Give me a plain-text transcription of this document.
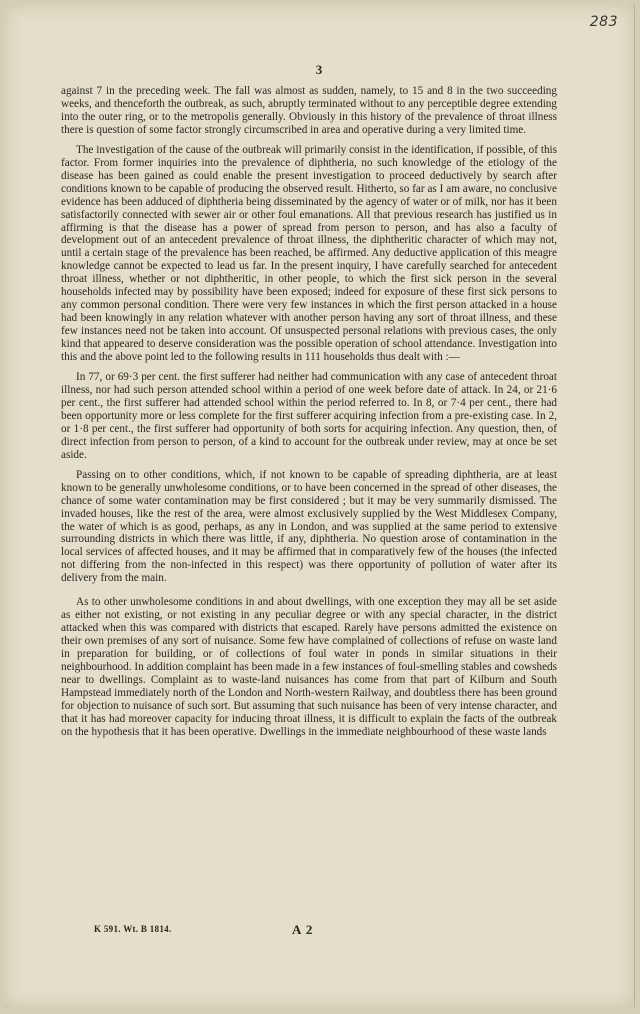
283
3

against 7 in the preceding week. The fall was almost as sudden, namely, to 15 and 8 in the two succeeding weeks, and thenceforth the outbreak, as such, abruptly terminated without to any perceptible degree extending into the outer ring, or to the metropolis generally. Obviously in this history of the prevalence of throat illness there is question of some factor strongly circumscribed in area and operative during a very limited time.

The investigation of the cause of the outbreak will primarily consist in the identification, if possible, of this factor. From former inquiries into the prevalence of diphtheria, no such knowledge of the etiology of the disease has been gained as could enable the present investigation to proceed deductively by search after conditions known to be capable of producing the observed result. Hitherto, so far as I am aware, no conclusive evidence has been adduced of diphtheria being disseminated by the agency of water or of milk, nor has it been satisfactorily connected with sewer air or other foul emanations. All that previous research has justified us in affirming is that the disease has a power of spread from person to person, and has also a faculty of development out of an antecedent prevalence of throat illness, the diphtheritic character of which may not, until a certain stage of the prevalence has been reached, be affirmed. Any deductive application of this meagre knowledge cannot be expected to lead us far. In the present inquiry, I have carefully searched for antecedent throat illness, whether or not diphtheritic, in other people, to which the first sick person in the several households infected may by possibility have been exposed; indeed for exposure of these first sick persons to any common personal condition. There were very few instances in which the first person attacked in a house had been knowingly in any relation whatever with another person having any sort of throat illness, and these few instances need not be taken into account. Of unsuspected personal relations with previous cases, the only kind that appeared to deserve consideration was the possible operation of school attendance. Investigation into this and the above point led to the following results in 111 households thus dealt with :—

In 77, or 69·3 per cent. the first sufferer had neither had communication with any case of antecedent throat illness, nor had such person attended school within a period of one week before date of attack. In 24, or 21·6 per cent., the first sufferer had attended school within the period referred to. In 8, or 7·4 per cent., there had been opportunity more or less complete for the first sufferer acquiring infection from a pre-existing case. In 2, or 1·8 per cent., the first sufferer had opportunity of both sorts for acquiring infection. Any question, then, of direct infection from person to person, of a kind to account for the outbreak under review, may at once be set aside.

Passing on to other conditions, which, if not known to be capable of spreading diphtheria, are at least known to be generally unwholesome conditions, or to have been concerned in the spread of other diseases, the chance of some water contamination may be first considered ; but it may be very summarily dismissed. The invaded houses, like the rest of the area, were almost exclusively supplied by the West Middlesex Company, the water of which is as good, perhaps, as any in London, and was supplied at the same period to extensive surrounding districts in which there was little, if any, diphtheria. No question arose of contamination in the local services of affected houses, and it may be affirmed that in comparatively few of the houses (the infected not differing from the non-infected in this respect) was there opportunity of pollution of water after its delivery from the main.

As to other unwholesome conditions in and about dwellings, with one exception they may all be set aside as either not existing, or not existing in any peculiar degree or with any special character, in the district attacked when this was compared with districts that escaped. Rarely have persons admitted the existence on their own premises of any sort of nuisance. Some few have complained of collections of refuse on waste land in preparation for building, or of collections of foul water in ponds in similar situations in their neighbourhood. In addition complaint has been made in a few instances of foul-smelling stables and cowsheds near to dwellings. Complaint as to waste-land nuisances has come from that part of Kilburn and South Hampstead immediately north of the London and North-western Railway, and doubtless there has been ground for objection to nuisance of such sort. But assuming that such nuisance has been of very intense character, and that it has had moreover capacity for inducing throat illness, it is difficult to explain the facts of the outbreak on the hypothesis that it has been operative. Dwellings in the immediate neighbourhood of these waste lands

K 591. Wt. B 1814.	A 2
